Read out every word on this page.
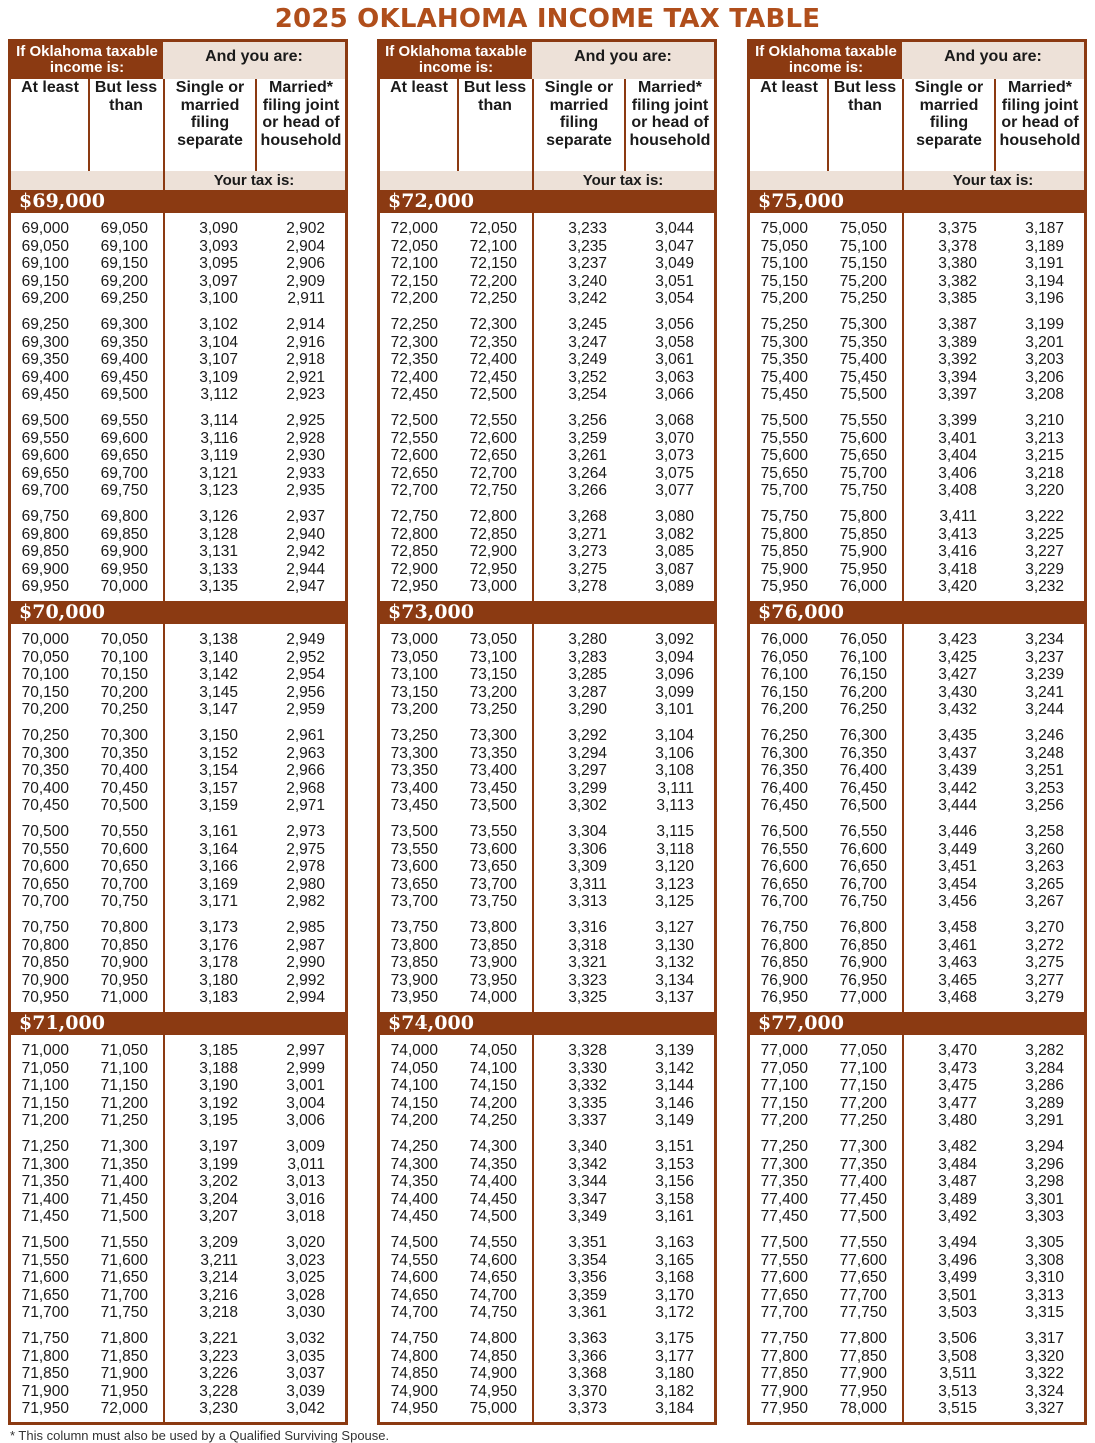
2025 OKLAHOMA INCOME TAX TABLE
If Oklahoma taxable income is:
And you are:
At least But less than
Single or married filing separate
Married* filing joint or head of household
Your tax is:
$69,000
69,000 69,050	3,090	2,902
69,050 69,100	3,093	2,904
69,100 69,150	3,095	2,906
69,150 69,200	3,097	2,909
69,200 69,250	3,100	2,911
69,250 69,300	3,102	2,914
69,300 69,350	3,104	2,916
69,350 69,400	3,107	2,918
69,400 69,450	3,109	2,921
69,450 69,500	3,112	2,923
69,500 69,550	3,114	2,925
69,550 69,600	3,116	2,928
69,600 69,650	3,119	2,930
69,650 69,700	3,121	2,933
69,700 69,750	3,123	2,935
69,750 69,800	3,126	2,937
69,800 69,850	3,128	2,940
69,850 69,900	3,131	2,942
69,900 69,950	3,133	2,944
69,950 70,000	3,135	2,947
$70,000
70,000 70,050	3,138	2,949
70,050 70,100	3,140	2,952
70,100 70,150	3,142	2,954
70,150 70,200	3,145	2,956
70,200 70,250	3,147	2,959
70,250 70,300	3,150	2,961
70,300 70,350	3,152	2,963
70,350 70,400	3,154	2,966
70,400 70,450	3,157	2,968
70,450 70,500	3,159	2,971
70,500 70,550	3,161	2,973
70,550 70,600	3,164	2,975
70,600 70,650	3,166	2,978
70,650 70,700	3,169	2,980
70,700 70,750	3,171	2,982
70,750 70,800	3,173	2,985
70,800 70,850	3,176	2,987
70,850 70,900	3,178	2,990
70,900 70,950	3,180	2,992
70,950 71,000	3,183	2,994
$71,000
71,000 71,050	3,185	2,997
71,050 71,100	3,188	2,999
71,100 71,150	3,190	3,001
71,150 71,200	3,192	3,004
71,200 71,250	3,195	3,006
71,250 71,300	3,197	3,009
71,300 71,350	3,199	3,011
71,350 71,400	3,202	3,013
71,400 71,450	3,204	3,016
71,450 71,500	3,207	3,018
71,500 71,550	3,209	3,020
71,550 71,600	3,211	3,023
71,600 71,650	3,214	3,025
71,650 71,700	3,216	3,028
71,700 71,750	3,218	3,030
71,750 71,800	3,221	3,032
71,800 71,850	3,223	3,035
71,850 71,900	3,226	3,037
71,900 71,950	3,228	3,039
71,950 72,000	3,230	3,042
If Oklahoma taxable income is:
And you are:
At least But less than
Single or married filing separate
Married* filing joint or head of household
Your tax is:
$72,000
72,000 72,050	3,233	3,044
72,050 72,100	3,235	3,047
72,100 72,150	3,237	3,049
72,150 72,200	3,240	3,051
72,200 72,250	3,242	3,054
72,250 72,300	3,245	3,056
72,300 72,350	3,247	3,058
72,350 72,400	3,249	3,061
72,400 72,450	3,252	3,063
72,450 72,500	3,254	3,066
72,500 72,550	3,256	3,068
72,550 72,600	3,259	3,070
72,600 72,650	3,261	3,073
72,650 72,700	3,264	3,075
72,700 72,750	3,266	3,077
72,750 72,800	3,268	3,080
72,800 72,850	3,271	3,082
72,850 72,900	3,273	3,085
72,900 72,950	3,275	3,087
72,950 73,000	3,278	3,089
$73,000
73,000 73,050	3,280	3,092
73,050 73,100	3,283	3,094
73,100 73,150	3,285	3,096
73,150 73,200	3,287	3,099
73,200 73,250	3,290	3,101
73,250 73,300	3,292	3,104
73,300 73,350	3,294	3,106
73,350 73,400	3,297	3,108
73,400 73,450	3,299	3,111
73,450 73,500	3,302	3,113
73,500 73,550	3,304	3,115
73,550 73,600	3,306	3,118
73,600 73,650	3,309	3,120
73,650 73,700	3,311	3,123
73,700 73,750	3,313	3,125
73,750 73,800	3,316	3,127
73,800 73,850	3,318	3,130
73,850 73,900	3,321	3,132
73,900 73,950	3,323	3,134
73,950 74,000	3,325	3,137
$74,000
74,000 74,050	3,328	3,139
74,050 74,100	3,330	3,142
74,100 74,150	3,332	3,144
74,150 74,200	3,335	3,146
74,200 74,250	3,337	3,149
74,250 74,300	3,340	3,151
74,300 74,350	3,342	3,153
74,350 74,400	3,344	3,156
74,400 74,450	3,347	3,158
74,450 74,500	3,349	3,161
74,500 74,550	3,351	3,163
74,550 74,600	3,354	3,165
74,600 74,650	3,356	3,168
74,650 74,700	3,359	3,170
74,700 74,750	3,361	3,172
74,750 74,800	3,363	3,175
74,800 74,850	3,366	3,177
74,850 74,900	3,368	3,180
74,900 74,950	3,370	3,182
74,950 75,000	3,373	3,184
If Oklahoma taxable income is:
And you are:
At least But less than
Single or married filing separate
Married* filing joint or head of household
Your tax is:
$75,000
75,000 75,050	3,375	3,187
75,050 75,100	3,378	3,189
75,100 75,150	3,380	3,191
75,150 75,200	3,382	3,194
75,200 75,250	3,385	3,196
75,250 75,300	3,387	3,199
75,300 75,350	3,389	3,201
75,350 75,400	3,392	3,203
75,400 75,450	3,394	3,206
75,450 75,500	3,397	3,208
75,500 75,550	3,399	3,210
75,550 75,600	3,401	3,213
75,600 75,650	3,404	3,215
75,650 75,700	3,406	3,218
75,700 75,750	3,408	3,220
75,750 75,800	3,411	3,222
75,800 75,850	3,413	3,225
75,850 75,900	3,416	3,227
75,900 75,950	3,418	3,229
75,950 76,000	3,420	3,232
$76,000
76,000 76,050	3,423	3,234
76,050 76,100	3,425	3,237
76,100 76,150	3,427	3,239
76,150 76,200	3,430	3,241
76,200 76,250	3,432	3,244
76,250 76,300	3,435	3,246
76,300 76,350	3,437	3,248
76,350 76,400	3,439	3,251
76,400 76,450	3,442	3,253
76,450 76,500	3,444	3,256
76,500 76,550	3,446	3,258
76,550 76,600	3,449	3,260
76,600 76,650	3,451	3,263
76,650 76,700	3,454	3,265
76,700 76,750	3,456	3,267
76,750 76,800	3,458	3,270
76,800 76,850	3,461	3,272
76,850 76,900	3,463	3,275
76,900 76,950	3,465	3,277
76,950 77,000	3,468	3,279
$77,000
77,000 77,050	3,470	3,282
77,050 77,100	3,473	3,284
77,100 77,150	3,475	3,286
77,150 77,200	3,477	3,289
77,200 77,250	3,480	3,291
77,250 77,300	3,482	3,294
77,300 77,350	3,484	3,296
77,350 77,400	3,487	3,298
77,400 77,450	3,489	3,301
77,450 77,500	3,492	3,303
77,500 77,550	3,494	3,305
77,550 77,600	3,496	3,308
77,600 77,650	3,499	3,310
77,650 77,700	3,501	3,313
77,700 77,750	3,503	3,315
77,750 77,800	3,506	3,317
77,800 77,850	3,508	3,320
77,850 77,900	3,511	3,322
77,900 77,950	3,513	3,324
77,950 78,000	3,515	3,327
* This column must also be used by a Qualified Surviving Spouse.
